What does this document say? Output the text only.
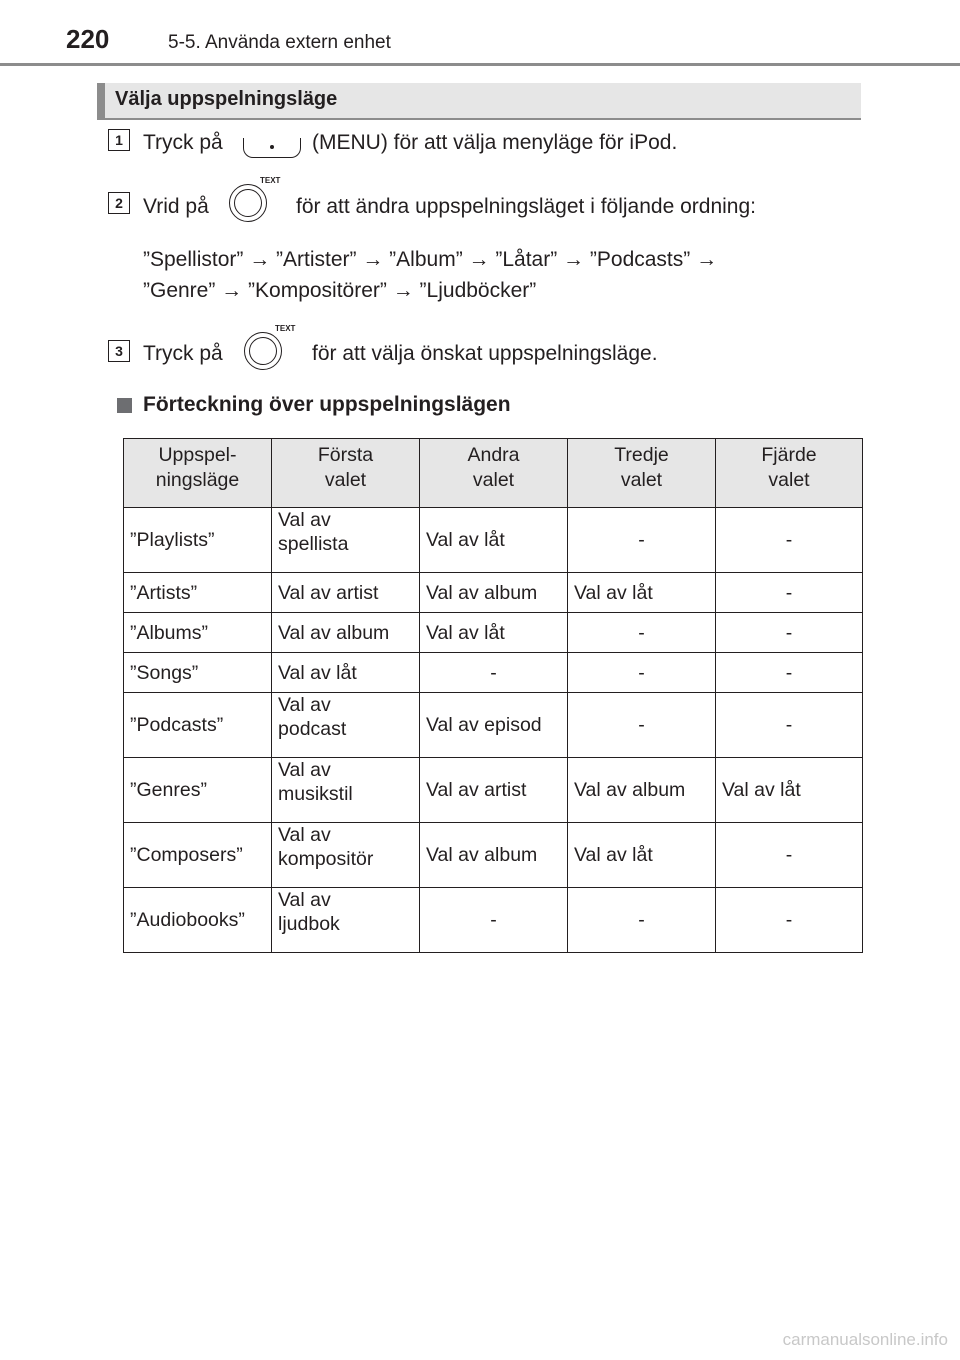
220	5-5. Använda extern enhet
Välja uppspelningsläge
1 Tryck på	(MENU) för att välja menyläge för iPod.
2 Vrid på
TEXT
för att ändra uppspelningsläget i följande ordning:
”Spellistor” → ”Artister” → ”Album” → ”Låtar” → ”Podcasts” →
”Genre” → ”Kompositörer” → ”Ljudböcker”
3 Tryck på
TEXT
för att välja önskat uppspelningsläge.
Förteckning över uppspelningslägen
Uppspel-
ningsläge	Första
valet	Andra
valet	Tredje
valet	Fjärde
valet
”Playlists”	Val av
spellista	Val av låt	-	-
”Artists”	Val av artist	Val av album	Val av låt	-
”Albums”	Val av album	Val av låt	-	-
”Songs”	Val av låt	-	-	-
”Podcasts”	Val av
podcast	Val av episod	-	-
”Genres”	Val av
musikstil	Val av artist	Val av album	Val av låt
”Composers”	Val av
kompositör	Val av album	Val av låt	-
”Audiobooks”	Val av
ljudbok	-	-	-
carmanualsonline.info
